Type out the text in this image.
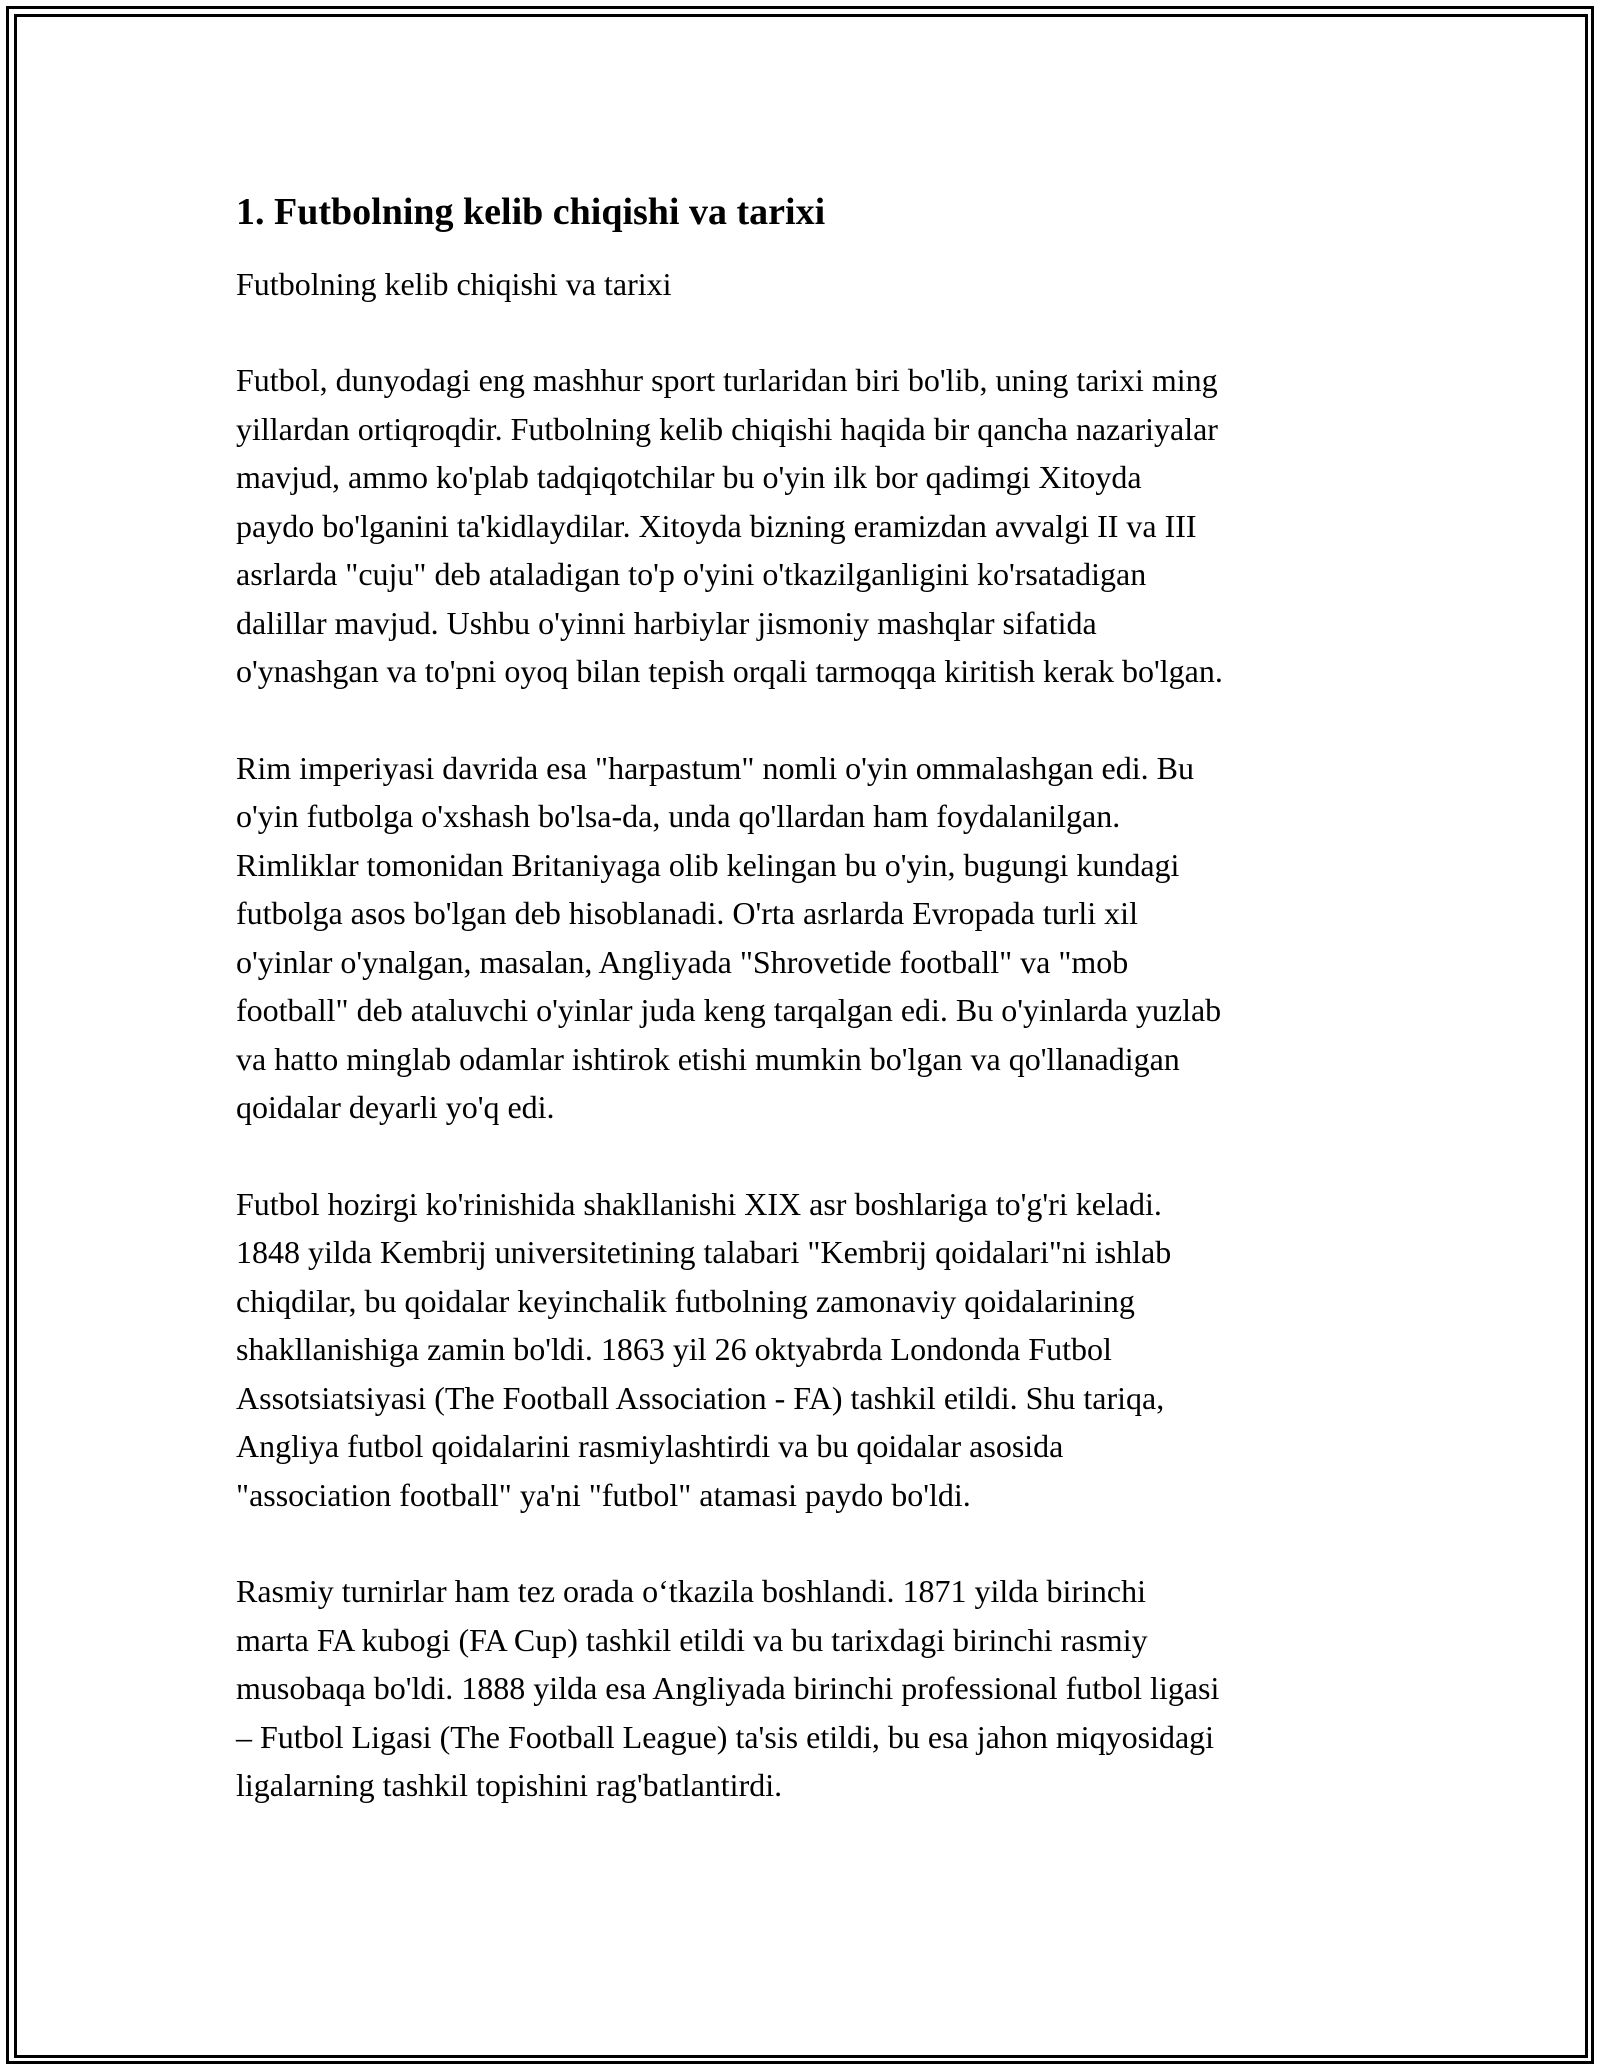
1. Futbolning kelib chiqishi va tarixi

Futbolning kelib chiqishi va tarixi

Futbol, dunyodagi eng mashhur sport turlaridan biri bo'lib, uning tarixi ming
yillardan ortiqroqdir. Futbolning kelib chiqishi haqida bir qancha nazariyalar
mavjud, ammo ko'plab tadqiqotchilar bu o'yin ilk bor qadimgi Xitoyda
paydo bo'lganini ta'kidlaydilar. Xitoyda bizning eramizdan avvalgi II va III
asrlarda "cuju" deb ataladigan to'p o'yini o'tkazilganligini ko'rsatadigan
dalillar mavjud. Ushbu o'yinni harbiylar jismoniy mashqlar sifatida
o'ynashgan va to'pni oyoq bilan tepish orqali tarmoqqa kiritish kerak bo'lgan.

Rim imperiyasi davrida esa "harpastum" nomli o'yin ommalashgan edi. Bu
o'yin futbolga o'xshash bo'lsa-da, unda qo'llardan ham foydalanilgan.
Rimliklar tomonidan Britaniyaga olib kelingan bu o'yin, bugungi kundagi
futbolga asos bo'lgan deb hisoblanadi. O'rta asrlarda Evropada turli xil
o'yinlar o'ynalgan, masalan, Angliyada "Shrovetide football" va "mob
football" deb ataluvchi o'yinlar juda keng tarqalgan edi. Bu o'yinlarda yuzlab
va hatto minglab odamlar ishtirok etishi mumkin bo'lgan va qo'llanadigan
qoidalar deyarli yo'q edi.

Futbol hozirgi ko'rinishida shakllanishi XIX asr boshlariga to'g'ri keladi.
1848 yilda Kembrij universitetining talabari "Kembrij qoidalari"ni ishlab
chiqdilar, bu qoidalar keyinchalik futbolning zamonaviy qoidalarining
shakllanishiga zamin bo'ldi. 1863 yil 26 oktyabrda Londonda Futbol
Assotsiatsiyasi (The Football Association - FA) tashkil etildi. Shu tariqa,
Angliya futbol qoidalarini rasmiylashtirdi va bu qoidalar asosida
"association football" ya'ni "futbol" atamasi paydo bo'ldi.

Rasmiy turnirlar ham tez orada o‘tkazila boshlandi. 1871 yilda birinchi
marta FA kubogi (FA Cup) tashkil etildi va bu tarixdagi birinchi rasmiy
musobaqa bo'ldi. 1888 yilda esa Angliyada birinchi professional futbol ligasi
– Futbol Ligasi (The Football League) ta'sis etildi, bu esa jahon miqyosidagi
ligalarning tashkil topishini rag'batlantirdi.
